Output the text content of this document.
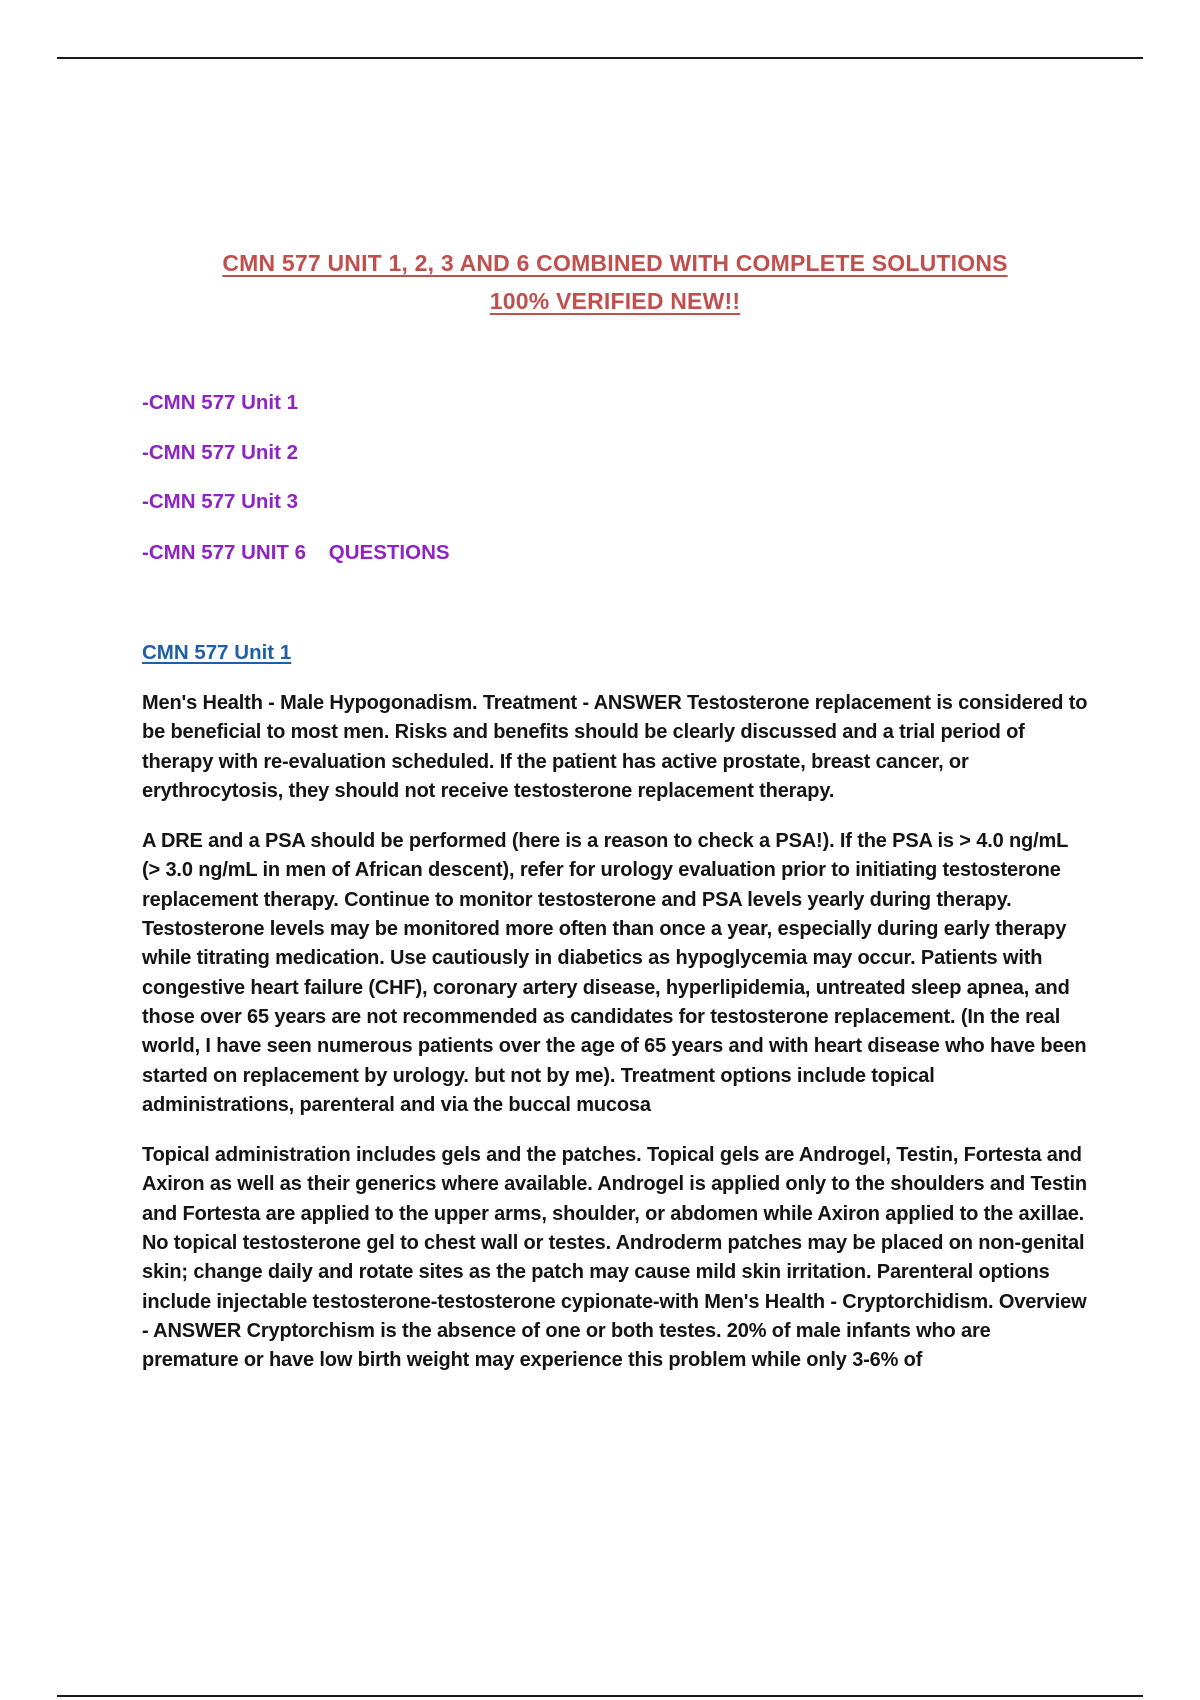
CMN 577 UNIT 1, 2, 3 AND 6 COMBINED WITH COMPLETE SOLUTIONS
100% VERIFIED NEW!!
-CMN 577 Unit 1
-CMN 577 Unit 2
-CMN 577 Unit 3
-CMN 577 UNIT 6    QUESTIONS
CMN 577 Unit 1

Men's Health - Male Hypogonadism. Treatment - ANSWER Testosterone replacement is considered to be beneficial to most men. Risks and benefits should be clearly discussed and a trial period of therapy with re-evaluation scheduled. If the patient has active prostate, breast cancer, or erythrocytosis, they should not receive testosterone replacement therapy.

A DRE and a PSA should be performed (here is a reason to check a PSA!). If the PSA is > 4.0 ng/mL (> 3.0 ng/mL in men of African descent), refer for urology evaluation prior to initiating testosterone replacement therapy. Continue to monitor testosterone and PSA levels yearly during therapy. Testosterone levels may be monitored more often than once a year, especially during early therapy while titrating medication. Use cautiously in diabetics as hypoglycemia may occur. Patients with congestive heart failure (CHF), coronary artery disease, hyperlipidemia, untreated sleep apnea, and those over 65 years are not recommended as candidates for testosterone replacement. (In the real world, I have seen numerous patients over the age of 65 years and with heart disease who have been started on replacement by urology. but not by me). Treatment options include topical administrations, parenteral and via the buccal mucosa

Topical administration includes gels and the patches. Topical gels are Androgel, Testin, Fortesta and Axiron as well as their generics where available. Androgel is applied only to the shoulders and Testin and Fortesta are applied to the upper arms, shoulder, or abdomen while Axiron applied to the axillae. No topical testosterone gel to chest wall or testes. Androderm patches may be placed on non-genital skin; change daily and rotate sites as the patch may cause mild skin irritation. Parenteral options include injectable testosterone-testosterone cypionate-with Men's Health - Cryptorchidism. Overview - ANSWER Cryptorchism is the absence of one or both testes. 20% of male infants who are premature or have low birth weight may experience this problem while only 3-6% of
